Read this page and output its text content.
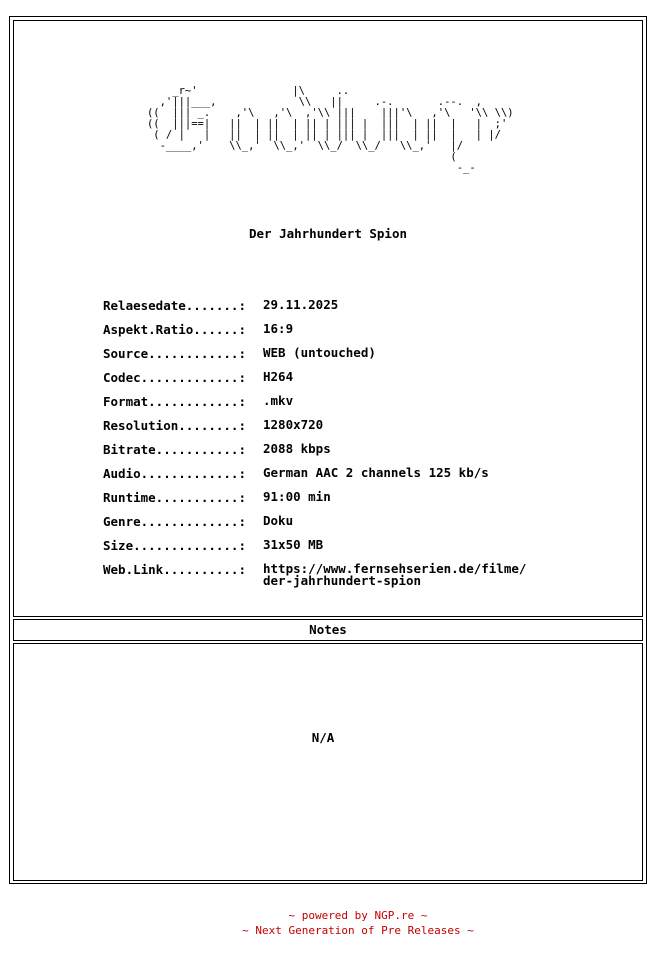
_r~'               |\     ..
,'|||___,             \\   ||     .-.       .--.  ,
((  ||| _.    ,'\   ,'\  ,'\\ |||    |||'\   ,'\   '\\ \\)
((  |||==|   ||  | ||  | || | ||| |  |||  | ||  |   |  ;'
( / |   |   ||  | ||  | || | ||| |  |||  | ||  |   | |/
-____,'    \\_,'  \\_,'  \\_/  \\_/   \\_,'   |/
(
-_-
Der Jahrhundert Spion
Relaesedate.......:	29.11.2025
Aspekt.Ratio......:	16:9
Source............:	WEB (untouched)
Codec.............:	H264
Format............:	.mkv
Resolution........:	1280x720
Bitrate...........:	2088 kbps
Audio.............:	German AAC 2 channels 125 kb/s
Runtime...........:	91:00 min
Genre.............:	Doku
Size..............:	31x50 MB
Web.Link..........:	https://www.fernsehserien.de/filme/
der-jahrhundert-spion
Notes
N/A
~ powered by NGP.re ~
~ Next Generation of Pre Releases ~
